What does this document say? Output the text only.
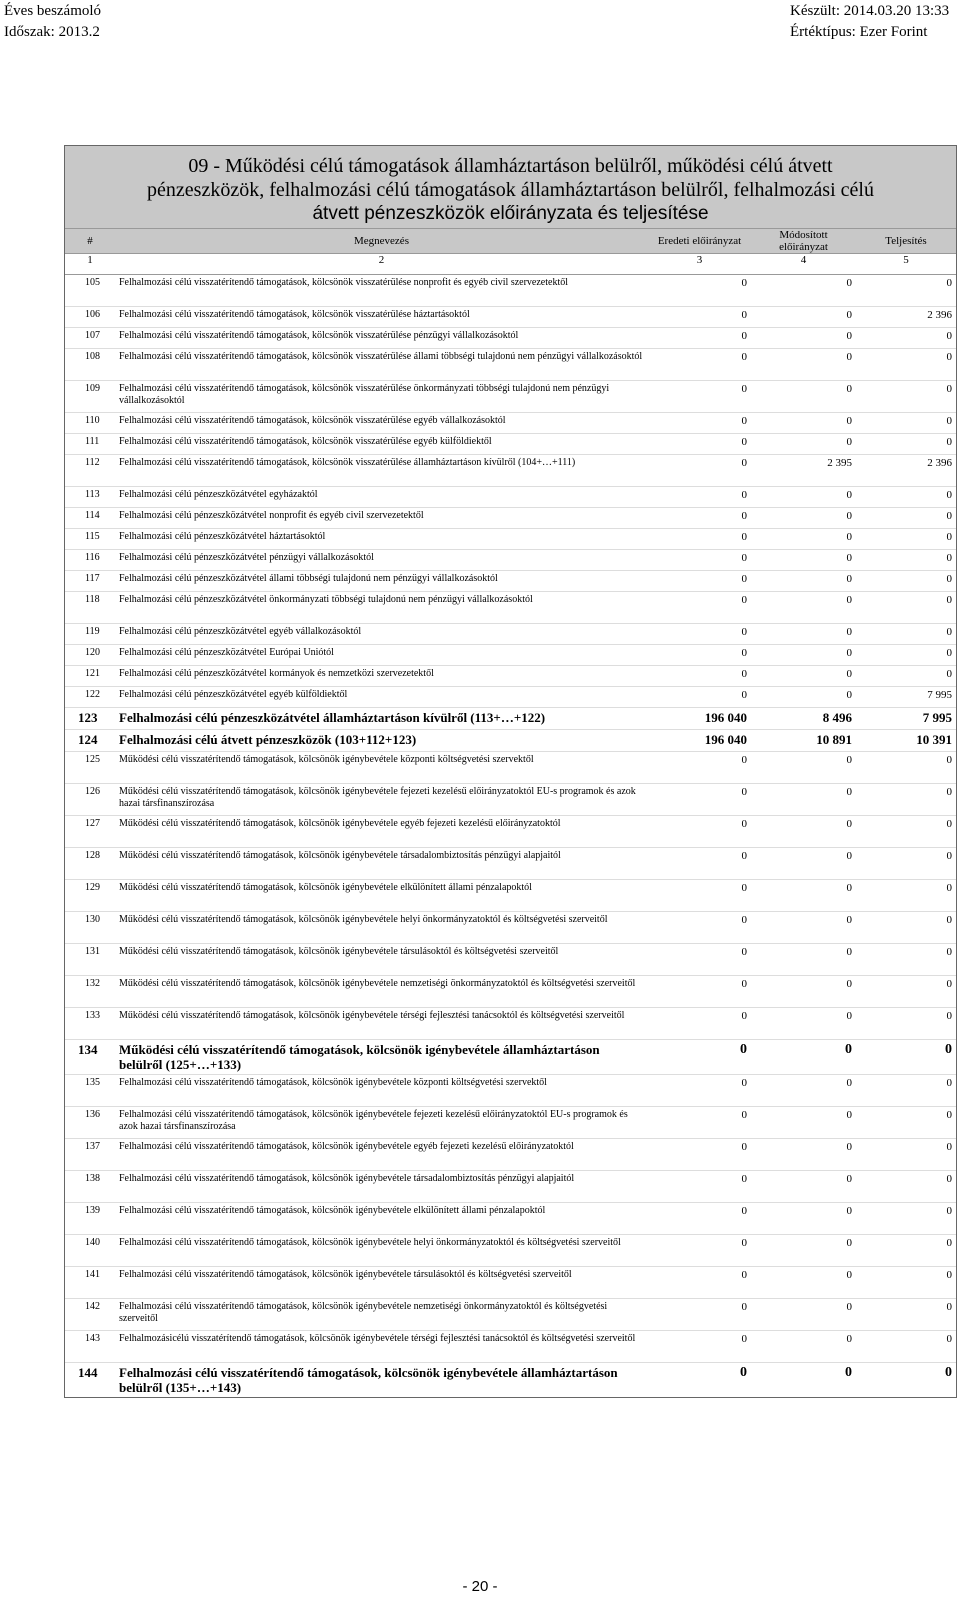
Éves beszámoló
Időszak: 2013.2
Készült: 2014.03.20 13:33
Értéktípus: Ezer Forint
09 - Működési célú támogatások államháztartáson belülről, működési célú átvett
pénzeszközök, felhalmozási célú támogatások államháztartáson belülről, felhalmozási célú
átvett pénzeszközök előirányzata és teljesítése
#	Megnevezés	Eredeti előirányzat	Módosított előirányzat	Teljesítés
1	2	3	4	5
105	Felhalmozási célú visszatérítendő támogatások, kölcsönök visszatérülése nonprofit és egyéb civil szervezetektől	0	0	0
106	Felhalmozási célú visszatérítendő támogatások, kölcsönök visszatérülése háztartásoktól	0	0	2 396
107	Felhalmozási célú visszatérítendő támogatások, kölcsönök visszatérülése pénzügyi vállalkozásoktól	0	0	0
108	Felhalmozási célú visszatérítendő támogatások, kölcsönök visszatérülése állami többségi tulajdonú nem pénzügyi vállalkozásoktól	0	0	0
109	Felhalmozási célú visszatérítendő támogatások, kölcsönök visszatérülése önkormányzati többségi tulajdonú nem pénzügyi vállalkozásoktól	0	0	0
110	Felhalmozási célú visszatérítendő támogatások, kölcsönök visszatérülése egyéb vállalkozásoktól	0	0	0
111	Felhalmozási célú visszatérítendő támogatások, kölcsönök visszatérülése egyéb külföldiektől	0	0	0
112	Felhalmozási célú visszatérítendő támogatások, kölcsönök visszatérülése államháztartáson kívülről (104+…+111)	0	2 395	2 396
113	Felhalmozási célú pénzeszközátvétel egyházaktól	0	0	0
114	Felhalmozási célú pénzeszközátvétel nonprofit és egyéb civil szervezetektől	0	0	0
115	Felhalmozási célú pénzeszközátvétel háztartásoktól	0	0	0
116	Felhalmozási célú pénzeszközátvétel pénzügyi vállalkozásoktól	0	0	0
117	Felhalmozási célú pénzeszközátvétel állami többségi tulajdonú nem pénzügyi vállalkozásoktól	0	0	0
118	Felhalmozási célú pénzeszközátvétel önkormányzati többségi tulajdonú nem pénzügyi vállalkozásoktól	0	0	0
119	Felhalmozási célú pénzeszközátvétel egyéb vállalkozásoktól	0	0	0
120	Felhalmozási célú pénzeszközátvétel Európai Uniótól	0	0	0
121	Felhalmozási célú pénzeszközátvétel kormányok és nemzetközi szervezetektől	0	0	0
122	Felhalmozási célú pénzeszközátvétel egyéb külföldiektől	0	0	7 995
123	Felhalmozási célú pénzeszközátvétel államháztartáson kívülről (113+…+122)	196 040	8 496	7 995
124	Felhalmozási célú átvett pénzeszközök (103+112+123)	196 040	10 891	10 391
125	Működési célú visszatérítendő támogatások, kölcsönök igénybevétele központi költségvetési szervektől	0	0	0
126	Működési célú visszatérítendő támogatások, kölcsönök igénybevétele fejezeti kezelésű előirányzatoktól EU-s programok és azok hazai társfinanszírozása	0	0	0
127	Működési célú visszatérítendő támogatások, kölcsönök igénybevétele egyéb fejezeti kezelésű előirányzatoktól	0	0	0
128	Működési célú visszatérítendő támogatások, kölcsönök igénybevétele társadalombiztosítás pénzügyi alapjaitól	0	0	0
129	Működési célú visszatérítendő támogatások, kölcsönök igénybevétele elkülönített állami pénzalapoktól	0	0	0
130	Működési célú visszatérítendő támogatások, kölcsönök igénybevétele helyi önkormányzatoktól és költségvetési szerveitől	0	0	0
131	Működési célú visszatérítendő támogatások, kölcsönök igénybevétele társulásoktól és költségvetési szerveitől	0	0	0
132	Működési célú visszatérítendő támogatások, kölcsönök igénybevétele nemzetiségi önkormányzatoktól és költségvetési szerveitől	0	0	0
133	Működési célú visszatérítendő támogatások, kölcsönök igénybevétele térségi fejlesztési tanácsoktól és költségvetési szerveitől	0	0	0
134	Működési célú visszatérítendő támogatások, kölcsönök igénybevétele államháztartáson belülről (125+…+133)	0	0	0
135	Felhalmozási célú visszatérítendő támogatások, kölcsönök igénybevétele központi költségvetési szervektől	0	0	0
136	Felhalmozási célú visszatérítendő támogatások, kölcsönök igénybevétele fejezeti kezelésű előirányzatoktól EU-s programok és azok hazai társfinanszírozása	0	0	0
137	Felhalmozási célú visszatérítendő támogatások, kölcsönök igénybevétele egyéb fejezeti kezelésű előirányzatoktól	0	0	0
138	Felhalmozási célú visszatérítendő támogatások, kölcsönök igénybevétele társadalombiztosítás pénzügyi alapjaitól	0	0	0
139	Felhalmozási célú visszatérítendő támogatások, kölcsönök igénybevétele elkülönített állami pénzalapoktól	0	0	0
140	Felhalmozási célú visszatérítendő támogatások, kölcsönök igénybevétele helyi önkormányzatoktól és költségvetési szerveitől	0	0	0
141	Felhalmozási célú visszatérítendő támogatások, kölcsönök igénybevétele társulásoktól és költségvetési szerveitől	0	0	0
142	Felhalmozási célú visszatérítendő támogatások, kölcsönök igénybevétele nemzetiségi önkormányzatoktól és költségvetési szerveitől	0	0	0
143	Felhalmozásicélú visszatérítendő támogatások, kölcsönök igénybevétele térségi fejlesztési tanácsoktól és költségvetési szerveitől	0	0	0
144	Felhalmozási célú visszatérítendő támogatások, kölcsönök igénybevétele államháztartáson belülről (135+…+143)	0	0	0
- 20 -
